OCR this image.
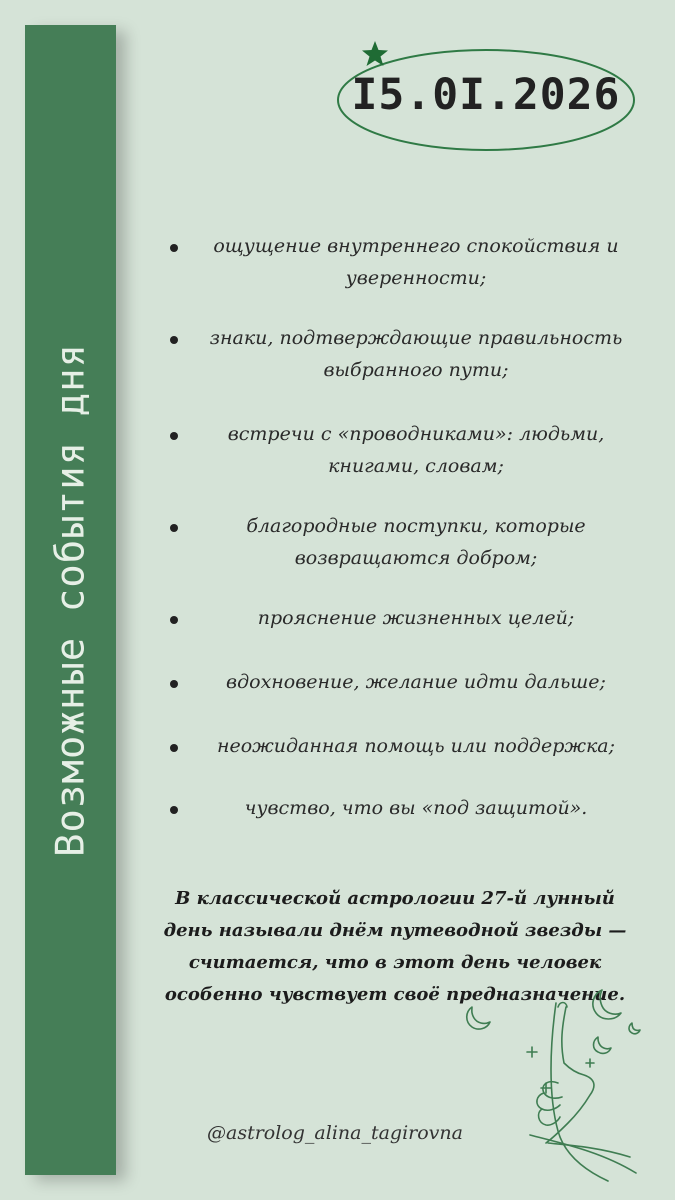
Возможные события дня
I5.0I.2026
ощущение внутреннего спокойствия и уверенности;
знаки, подтверждающие правильность выбранного пути;
встречи с «проводниками»: людьми, книгами, словам;
благородные поступки, которые возвращаются добром;
прояснение жизненных целей;
вдохновение, желание идти дальше;
неожиданная помощь или поддержка;
чувство, что вы «под защитой».
В классической астрологии 27-й лунный день называли днём путеводной звезды — считается, что в этот день человек особенно чувствует своё предназначение.
@astrolog_alina_tagirovna
